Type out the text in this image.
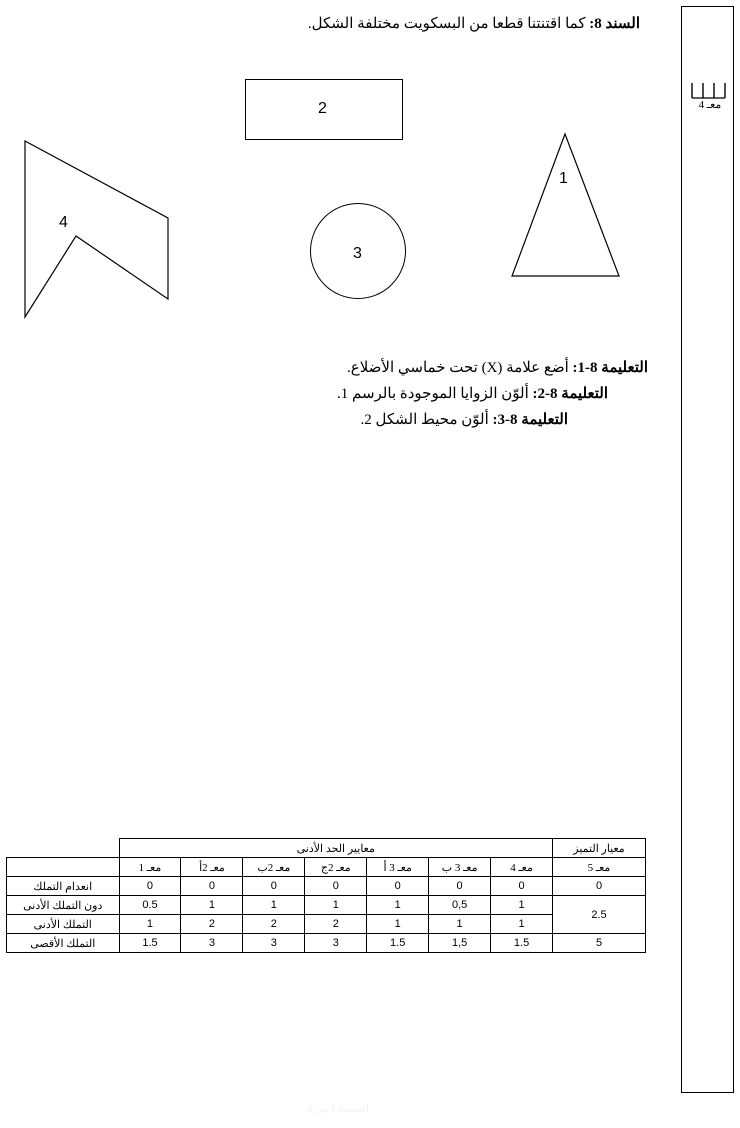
معـ 4
السند 8: كما اقتنتنا قطعا من البسكويت مختلفة الشكل.
2
3
1
4
التعليمة 8-1: أضع علامة (X) تحت خماسي الأضلاع.
التعليمة 8-2: ألوّن الزوايا الموجودة بالرسم 1.
التعليمة 8-3: ألوّن محيط الشكل 2.
معيار التميز	معايير الحد الأدنى							
معـ 5	معـ 4	معـ 3 ب	معـ 3 أ	معـ 2ج	معـ 2ب	معـ 2أ	معـ 1	
0	0	0	0	0	0	0	0	انعدام التملك
2.5	1	0,5	1	1	1	1	0.5	دون التملك الأدنى
	1	1	1	2	2	2	1	التملك الأدنى
5	1.5	1,5	1.5	3	3	3	1.5	التملك الأقصى
الصفحة 4 من 4
